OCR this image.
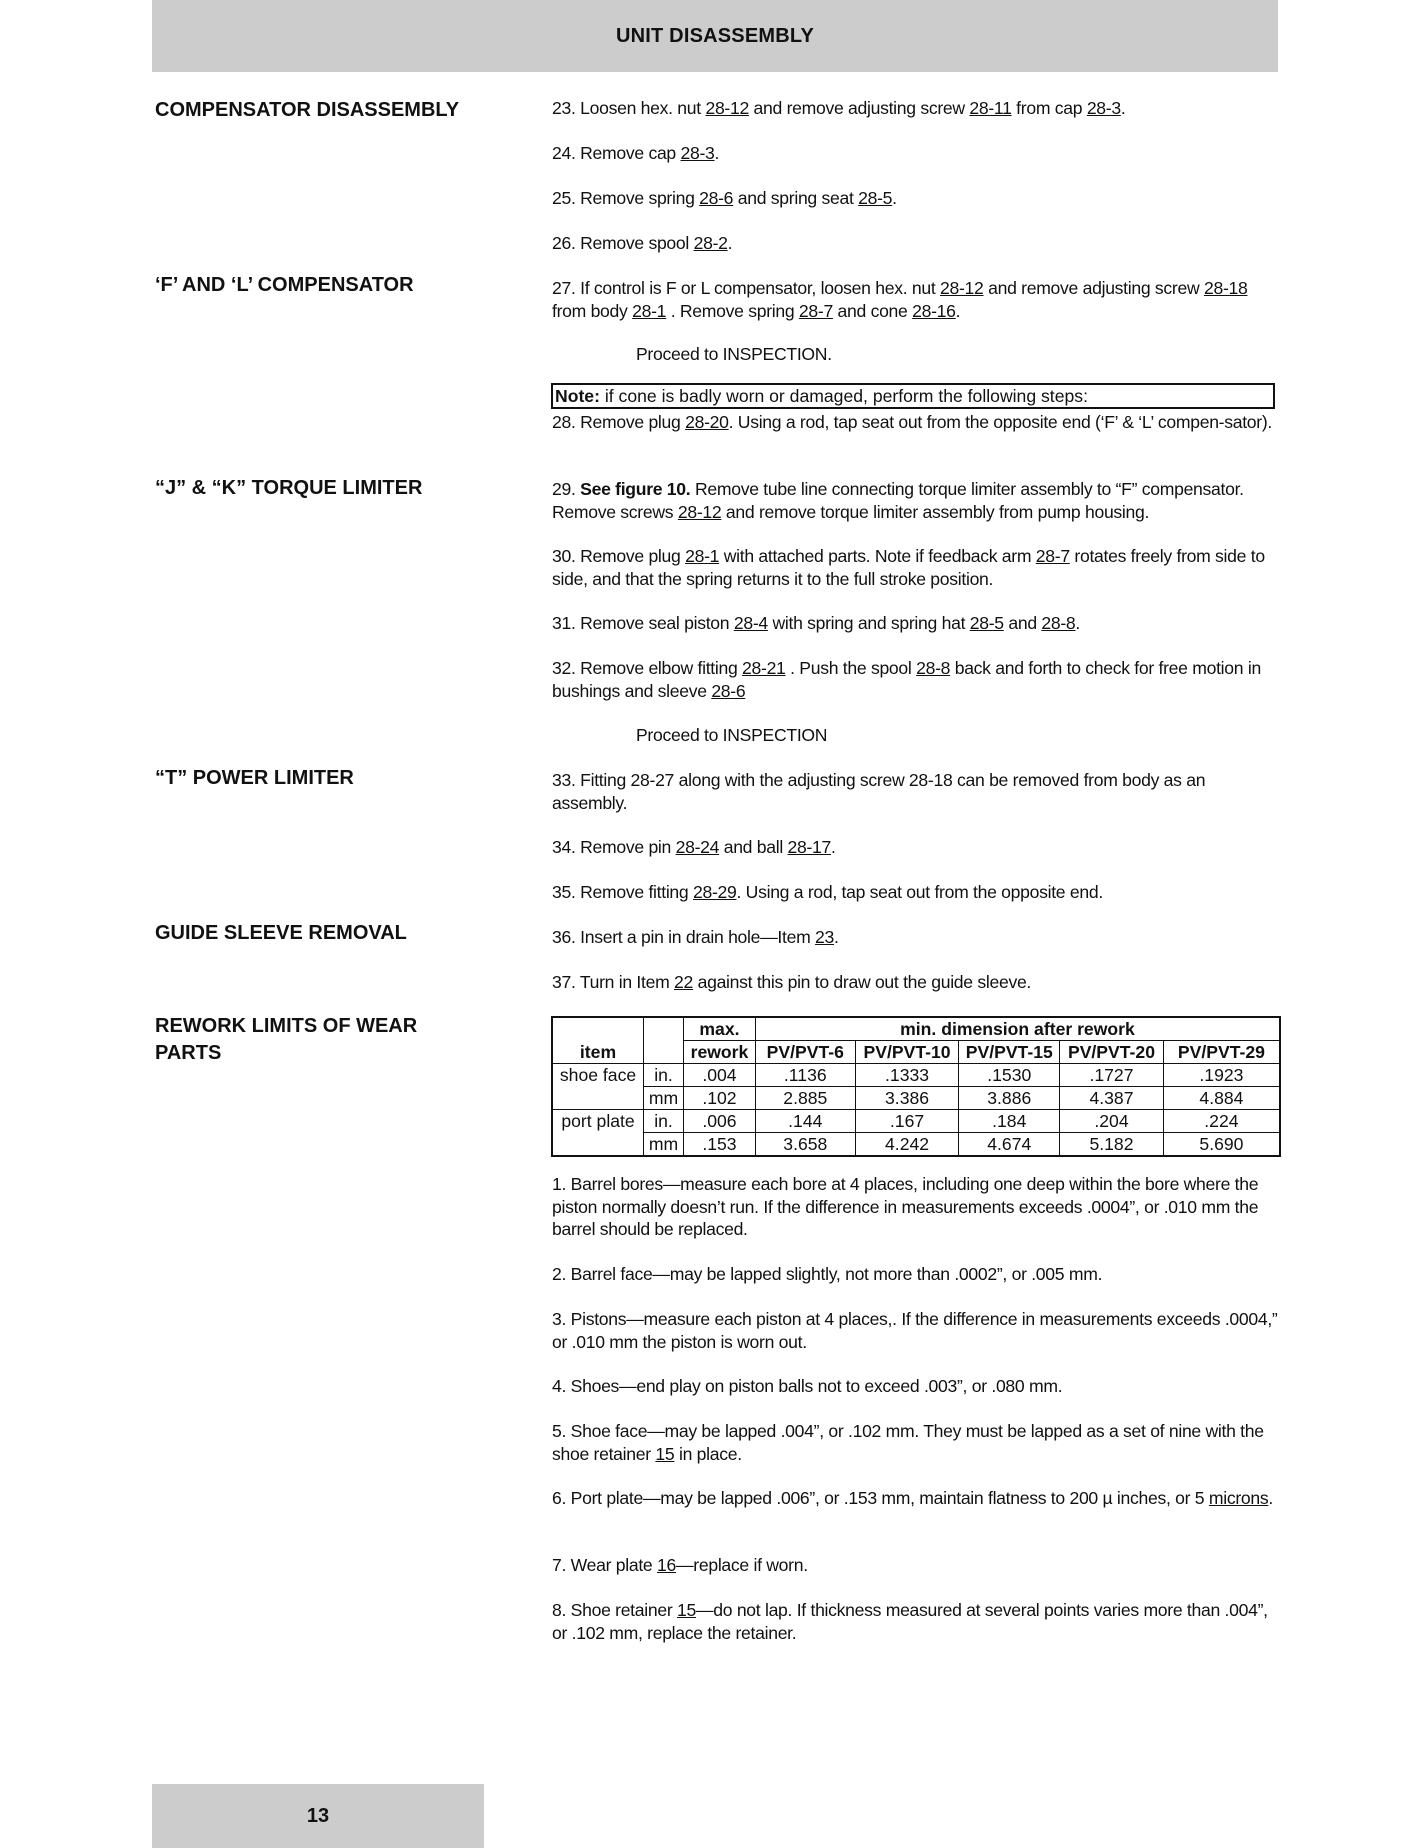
UNIT DISASSEMBLY
COMPENSATOR DISASSEMBLY
‘F’ AND ‘L’ COMPENSATOR
“J” & “K” TORQUE LIMITER
“T” POWER LIMITER
GUIDE SLEEVE REMOVAL
REWORK LIMITS OF WEAR PARTS
23. Loosen hex. nut 28-12 and remove adjusting screw 28-11 from cap 28-3.
24. Remove cap 28-3.
25. Remove spring 28-6 and spring seat 28-5.
26. Remove spool 28-2.
27. If control is F or L compensator, loosen hex. nut 28-12 and remove adjusting screw 28-18 from body 28-1 . Remove spring 28-7 and cone 28-16.
Proceed to INSPECTION.
Note: if cone is badly worn or damaged, perform the following steps:
28. Remove plug 28-20. Using a rod, tap seat out from the opposite end (‘F’ & ‘L’ compen-sator).
29. See figure 10. Remove tube line connecting torque limiter assembly to “F” compensator. Remove screws 28-12 and remove torque limiter assembly from pump housing.
30. Remove plug 28-1 with attached parts. Note if feedback arm 28-7 rotates freely from side to side, and that the spring returns it to the full stroke position.
31. Remove seal piston 28-4 with spring and spring hat 28-5 and 28-8.
32. Remove elbow fitting 28-21 . Push the spool 28-8 back and forth to check for free motion in bushings and sleeve 28-6
Proceed to INSPECTION
33. Fitting 28-27 along with the adjusting screw 28-18 can be removed from body as an assembly.
34. Remove pin 28-24 and ball 28-17.
35. Remove fitting 28-29. Using a rod, tap seat out from the opposite end.
36. Insert a pin in drain hole—Item 23.
37. Turn in Item 22 against this pin to draw out the guide sleeve.
		max.	min. dimension after rework				
item		rework	PV/PVT-6	PV/PVT-10	PV/PVT-15	PV/PVT-20	PV/PVT-29
shoe face	in.	.004	.1136	.1333	.1530	.1727	.1923
	mm	.102	2.885	3.386	3.886	4.387	4.884
port plate	in.	.006	.144	.167	.184	.204	.224
	mm	.153	3.658	4.242	4.674	5.182	5.690
1. Barrel bores—measure each bore at 4 places, including one deep within the bore where the piston normally doesn’t run. If the difference in measurements exceeds .0004”, or .010 mm the barrel should be replaced.
2. Barrel face—may be lapped slightly, not more than .0002”, or .005 mm.
3. Pistons—measure each piston at 4 places,. If the difference in measurements exceeds .0004,” or .010 mm the piston is worn out.
4. Shoes—end play on piston balls not to exceed .003”, or .080 mm.
5. Shoe face—may be lapped .004”, or .102 mm. They must be lapped as a set of nine with the shoe retainer 15 in place.
6. Port plate—may be lapped .006”, or .153 mm, maintain flatness to 200 µ inches, or 5 microns.
7. Wear plate 16—replace if worn.
8. Shoe retainer 15—do not lap. If thickness measured at several points varies more than .004”, or .102 mm, replace the retainer.
13
